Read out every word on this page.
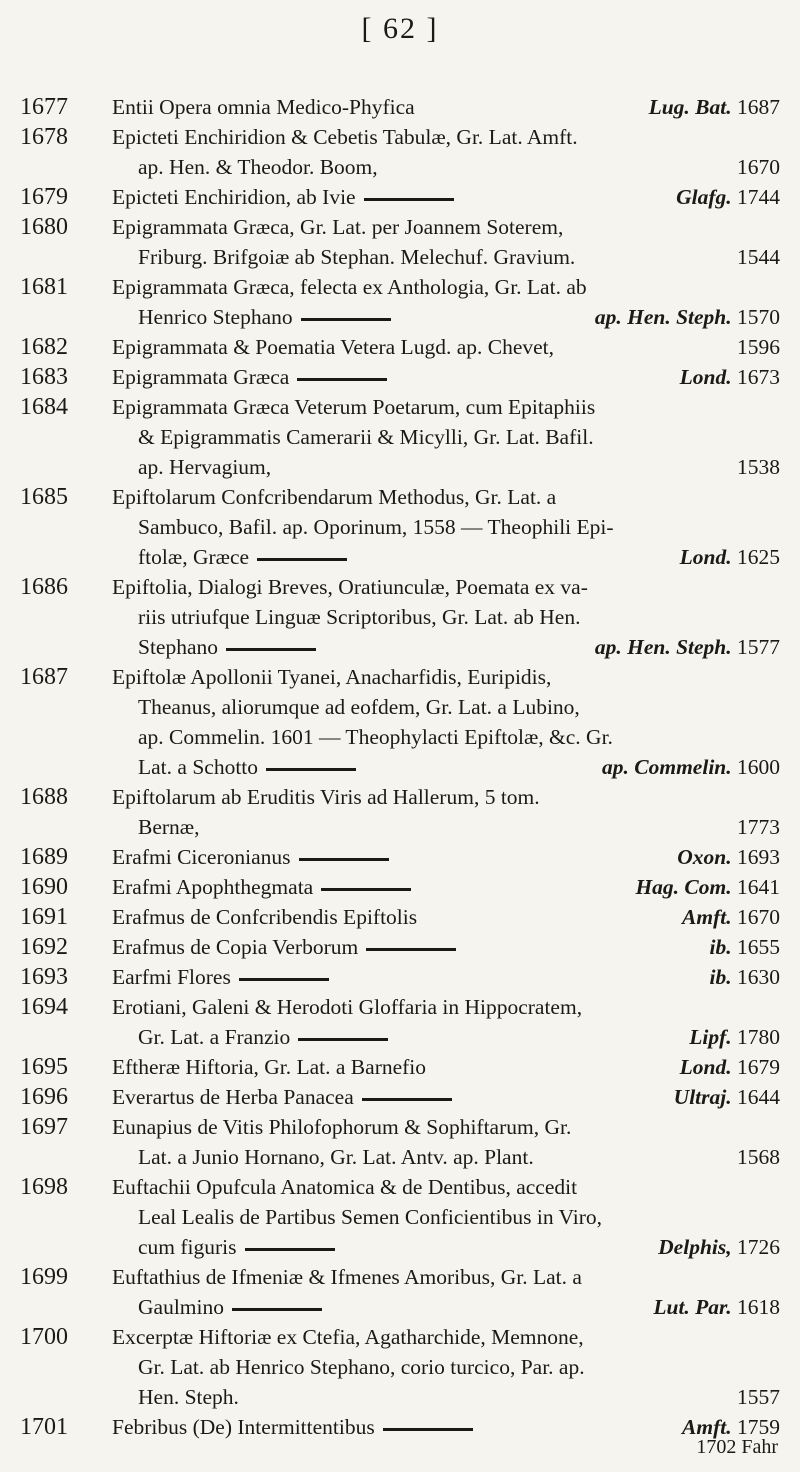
[ 62 ]
1677	Entii Opera omnia Medico-Phyfica	Lug. Bat. 1687
1678	Epicteti Enchiridion & Cebetis Tabulæ, Gr. Lat. Amft.
ap. Hen. & Theodor. Boom,	1670
1679	Epicteti Enchiridion, ab Ivie	Glafg. 1744
1680	Epigrammata Græca, Gr. Lat. per Joannem Soterem,
Friburg. Brifgoiæ ab Stephan. Melechuf. Gravium.	1544
1681	Epigrammata Græca, felecta ex Anthologia, Gr. Lat. ab
Henrico Stephano	ap. Hen. Steph. 1570
1682	Epigrammata & Poematia Vetera Lugd. ap. Chevet,	1596
1683	Epigrammata Græca	Lond. 1673
1684	Epigrammata Græca Veterum Poetarum, cum Epitaphiis
& Epigrammatis Camerarii & Micylli, Gr. Lat. Bafil.
ap. Hervagium,	1538
1685	Epiftolarum Confcribendarum Methodus, Gr. Lat. a
Sambuco, Bafil. ap. Oporinum, 1558 — Theophili Epi-
ftolæ, Græce	Lond. 1625
1686	Epiftolia, Dialogi Breves, Oratiunculæ, Poemata ex va-
riis utriufque Linguæ Scriptoribus, Gr. Lat. ab Hen.
Stephano	ap. Hen. Steph. 1577
1687	Epiftolæ Apollonii Tyanei, Anacharfidis, Euripidis,
Theanus, aliorumque ad eofdem, Gr. Lat. a Lubino,
ap. Commelin. 1601 — Theophylacti Epiftolæ, &c. Gr.
Lat. a Schotto	ap. Commelin. 1600
1688	Epiftolarum ab Eruditis Viris ad Hallerum, 5 tom.
Bernæ,	1773
1689	Erafmi Ciceronianus	Oxon. 1693
1690	Erafmi Apophthegmata	Hag. Com. 1641
1691	Erafmus de Confcribendis Epiftolis	Amft. 1670
1692	Erafmus de Copia Verborum	ib. 1655
1693	Earfmi Flores	ib. 1630
1694	Erotiani, Galeni & Herodoti Gloffaria in Hippocratem,
Gr. Lat. a Franzio	Lipf. 1780
1695	Eftheræ Hiftoria, Gr. Lat. a Barnefio	Lond. 1679
1696	Everartus de Herba Panacea	Ultraj. 1644
1697	Eunapius de Vitis Philofophorum & Sophiftarum, Gr.
Lat. a Junio Hornano, Gr. Lat. Antv. ap. Plant.	1568
1698	Euftachii Opufcula Anatomica & de Dentibus, accedit
Leal Lealis de Partibus Semen Conficientibus in Viro,
cum figuris	Delphis, 1726
1699	Euftathius de Ifmeniæ & Ifmenes Amoribus, Gr. Lat. a
Gaulmino	Lut. Par. 1618
1700	Excerptæ Hiftoriæ ex Ctefia, Agatharchide, Memnone,
Gr. Lat. ab Henrico Stephano, corio turcico, Par. ap.
Hen. Steph.	1557
1701	Febribus (De) Intermittentibus	Amft. 1759
1702 Fahr
